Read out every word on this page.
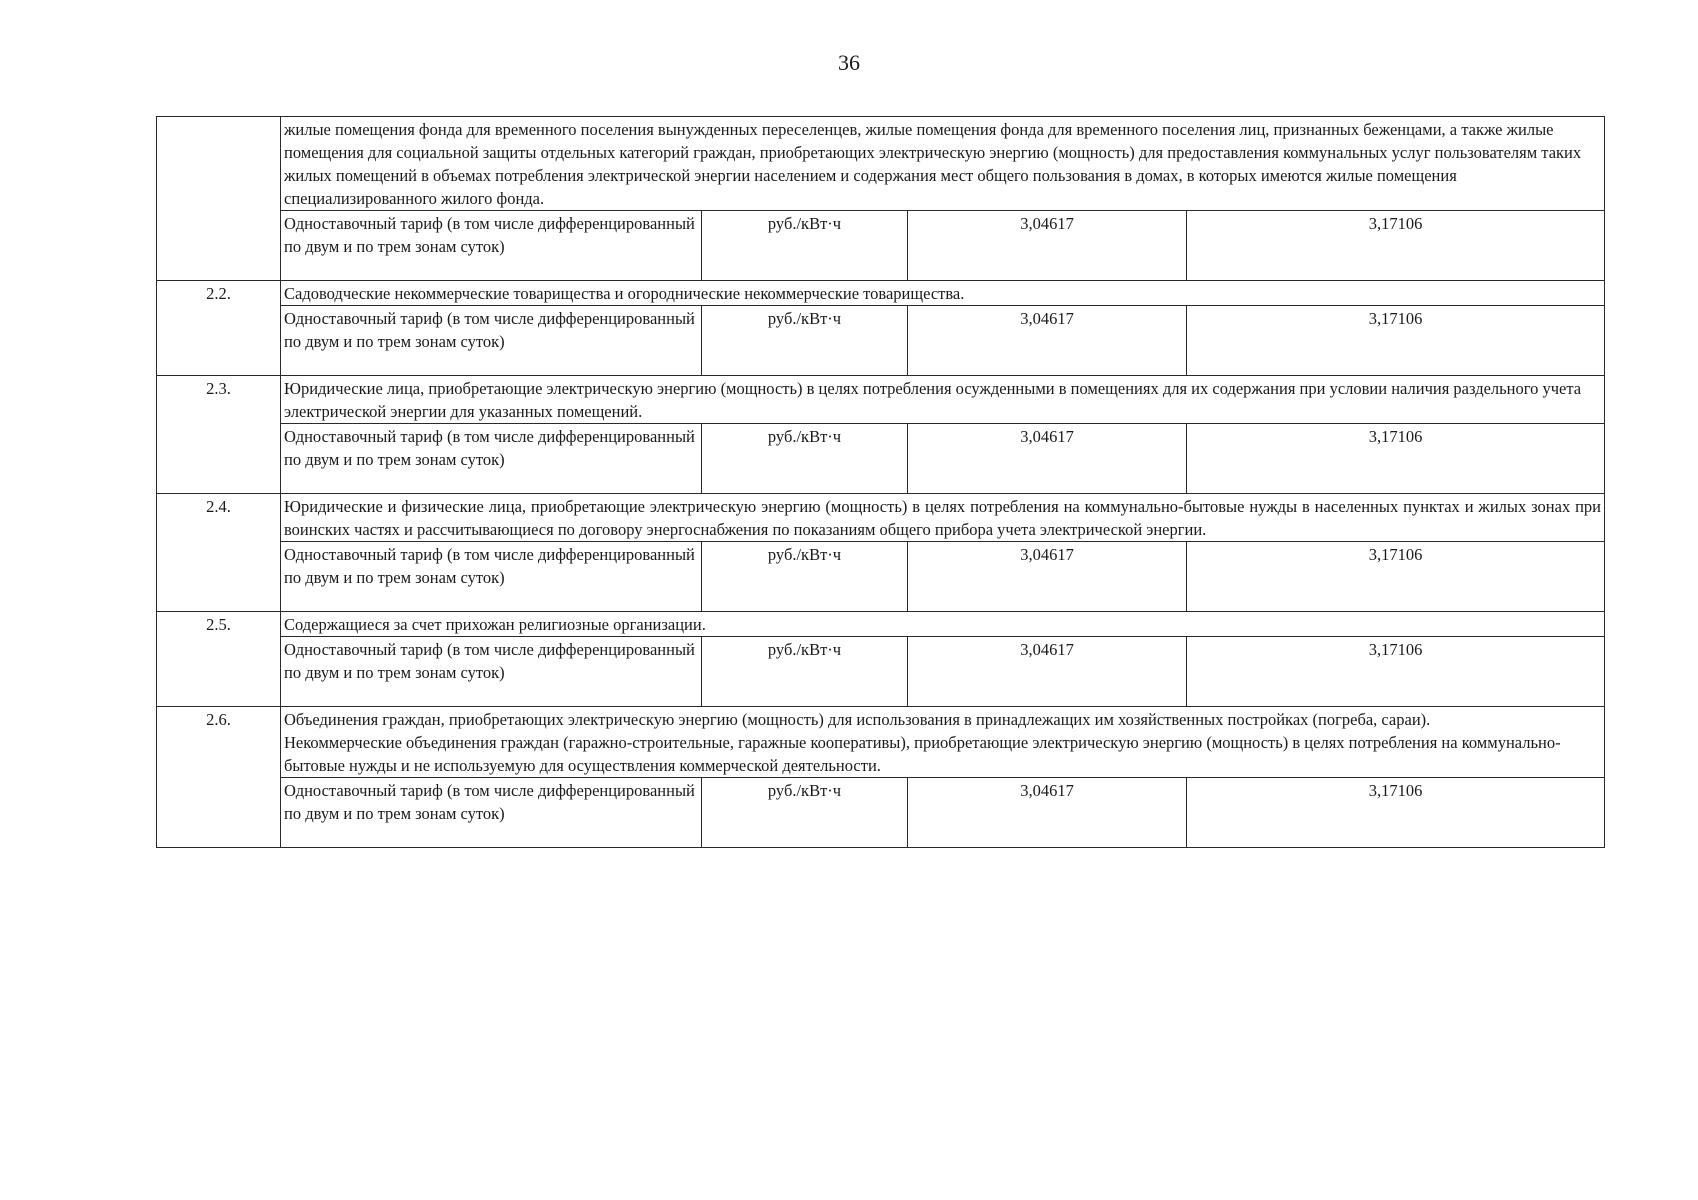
36
	жилые помещения фонда для временного поселения вынужденных переселенцев, жилые помещения фонда для временного поселения лиц, признанных беженцами, а также жилые помещения для социальной защиты отдельных категорий граждан, приобретающих электрическую энергию (мощность) для предоставления коммунальных услуг пользователям таких жилых помещений в объемах потребления электрической энергии населением и содержания мест общего пользования в домах, в которых имеются жилые помещения специализированного жилого фонда.			
	Одноставочный тариф (в том числе дифференцированный по двум и по трем зонам суток)	руб./кВт·ч	3,04617	3,17106
2.2.	Садоводческие некоммерческие товарищества и огороднические некоммерческие товарищества.			
	Одноставочный тариф (в том числе дифференцированный по двум и по трем зонам суток)	руб./кВт·ч	3,04617	3,17106
2.3.	Юридические лица, приобретающие электрическую энергию (мощность) в целях потребления осужденными в помещениях для их содержания при условии наличия раздельного учета электрической энергии для указанных помещений.			
	Одноставочный тариф (в том числе дифференцированный по двум и по трем зонам суток)	руб./кВт·ч	3,04617	3,17106
2.4.	Юридические и физические лица, приобретающие электрическую энергию (мощность) в целях потребления на коммунально-бытовые нужды в населенных пунктах и жилых зонах при воинских частях и рассчитывающиеся по договору энергоснабжения по показаниям общего прибора учета электрической энергии.			
	Одноставочный тариф (в том числе дифференцированный по двум и по трем зонам суток)	руб./кВт·ч	3,04617	3,17106
2.5.	Содержащиеся за счет прихожан религиозные организации.			
	Одноставочный тариф (в том числе дифференцированный по двум и по трем зонам суток)	руб./кВт·ч	3,04617	3,17106
2.6.	Объединения граждан, приобретающих электрическую энергию (мощность) для использования в принадлежащих им хозяйственных постройках (погреба, сараи).
Некоммерческие объединения граждан (гаражно-строительные, гаражные кооперативы), приобретающие электрическую энергию (мощность) в целях потребления на коммунально-бытовые нужды и не используемую для осуществления коммерческой деятельности.			

	Одноставочный тариф (в том числе дифференцированный по двум и по трем зонам суток)	руб./кВт·ч	3,04617	3,17106
